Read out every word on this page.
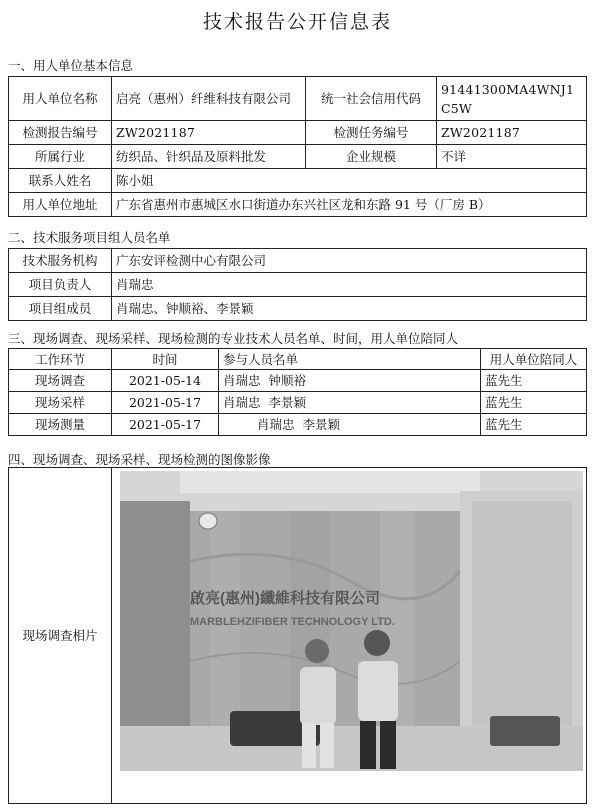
技术报告公开信息表
一、用人单位基本信息
用人单位名称	启亮（惠州）纤维科技有限公司	统一社会信用代码	91441300MA4WNJ1C5W
检测报告编号	ZW2021187	检测任务编号	ZW2021187
所属行业	纺织品、针织品及原料批发	企业规模	不详
联系人姓名	陈小姐		
用人单位地址	广东省惠州市惠城区水口街道办东兴社区龙和东路 91 号（厂房 B）		
二、技术服务项目组人员名单
技术服务机构	广东安评检测中心有限公司
项目负责人	肖瑞忠
项目组成员	肖瑞忠、钟顺裕、李景颖
三、现场调查、现场采样、现场检测的专业技术人员名单、时间，用人单位陪同人
工作环节	时间	参与人员名单	用人单位陪同人
现场调查	2021-05-14	肖瑞忠  钟顺裕	蓝先生
现场采样	2021-05-17	肖瑞忠  李景颖	蓝先生
现场测量	2021-05-17	肖瑞忠  李景颖	蓝先生
四、现场调查、现场采样、现场检测的图像影像
现场调查相片	
啟亮(惠州)纖維科技有限公司
MARBLEHZIFIBER TECHNOLOGY LTD.
